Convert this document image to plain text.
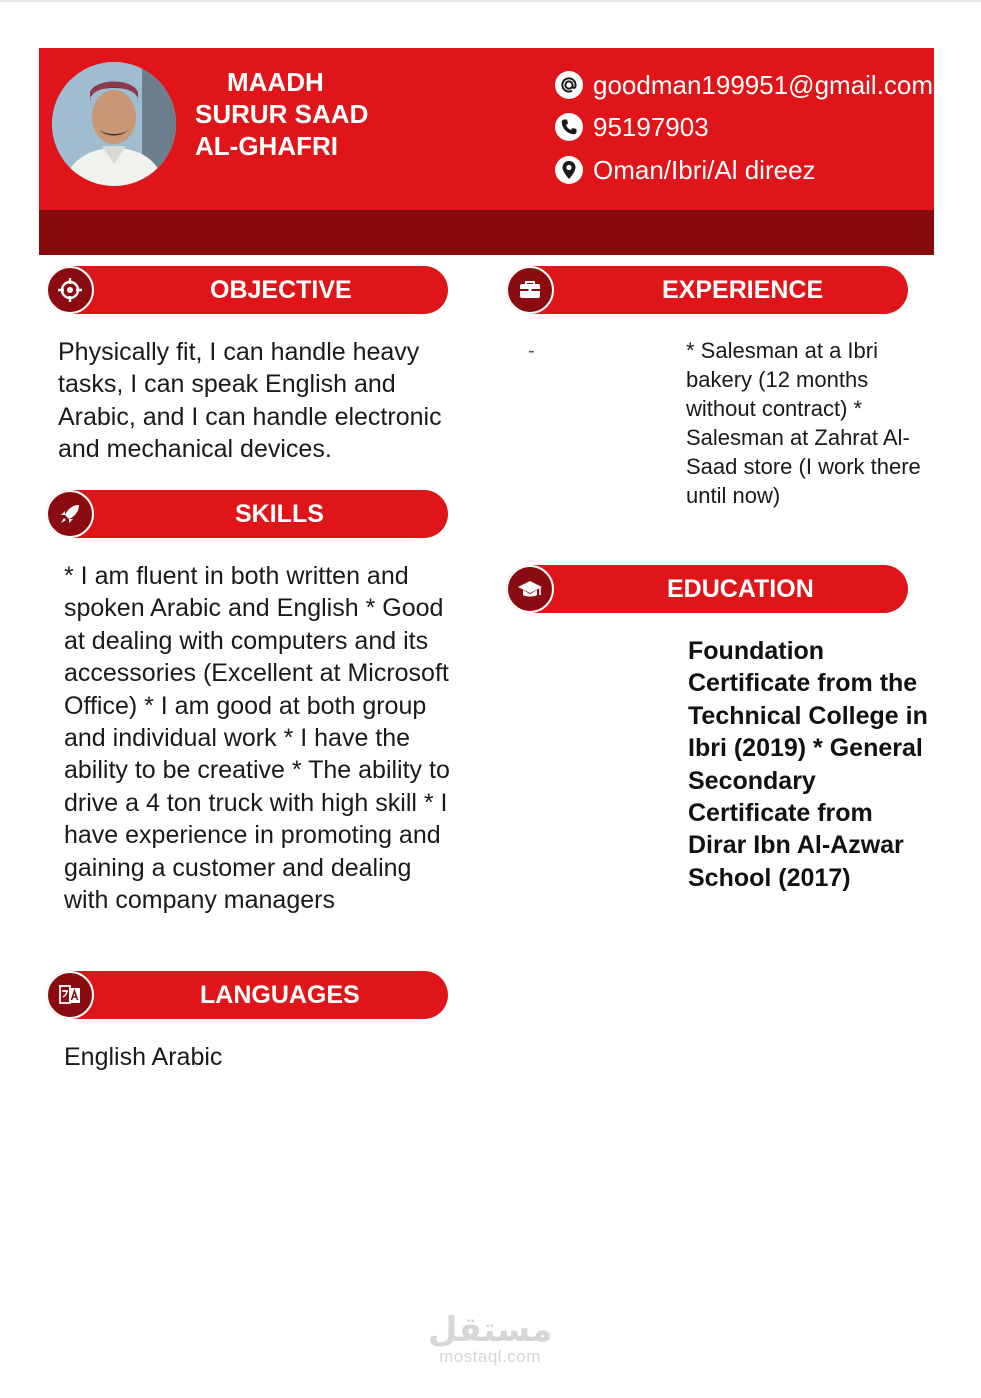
MAADH
SURUR SAAD
AL-GHAFRI
goodman199951@gmail.com
95197903
Oman/Ibri/Al direez
OBJECTIVE
Physically fit, I can handle heavy tasks, I can speak English and Arabic, and I can handle electronic and mechanical devices.
SKILLS
* I am fluent in both written and spoken Arabic and English * Good at dealing with computers and its accessories (Excellent at Microsoft Office) * I am good at both group and individual work * I have the ability to be creative * The ability to drive a 4 ton truck with high skill * I have experience in promoting and gaining a customer and dealing with company managers
LANGUAGES
English Arabic
EXPERIENCE
-	* Salesman at a Ibri bakery (12 months without contract) * Salesman at Zahrat Al-Saad store (I work there until now)
EDUCATION
Foundation Certificate from the Technical College in Ibri (2019) * General Secondary Certificate from Dirar Ibn Al-Azwar School (2017)
مستقل
mostaql.com
